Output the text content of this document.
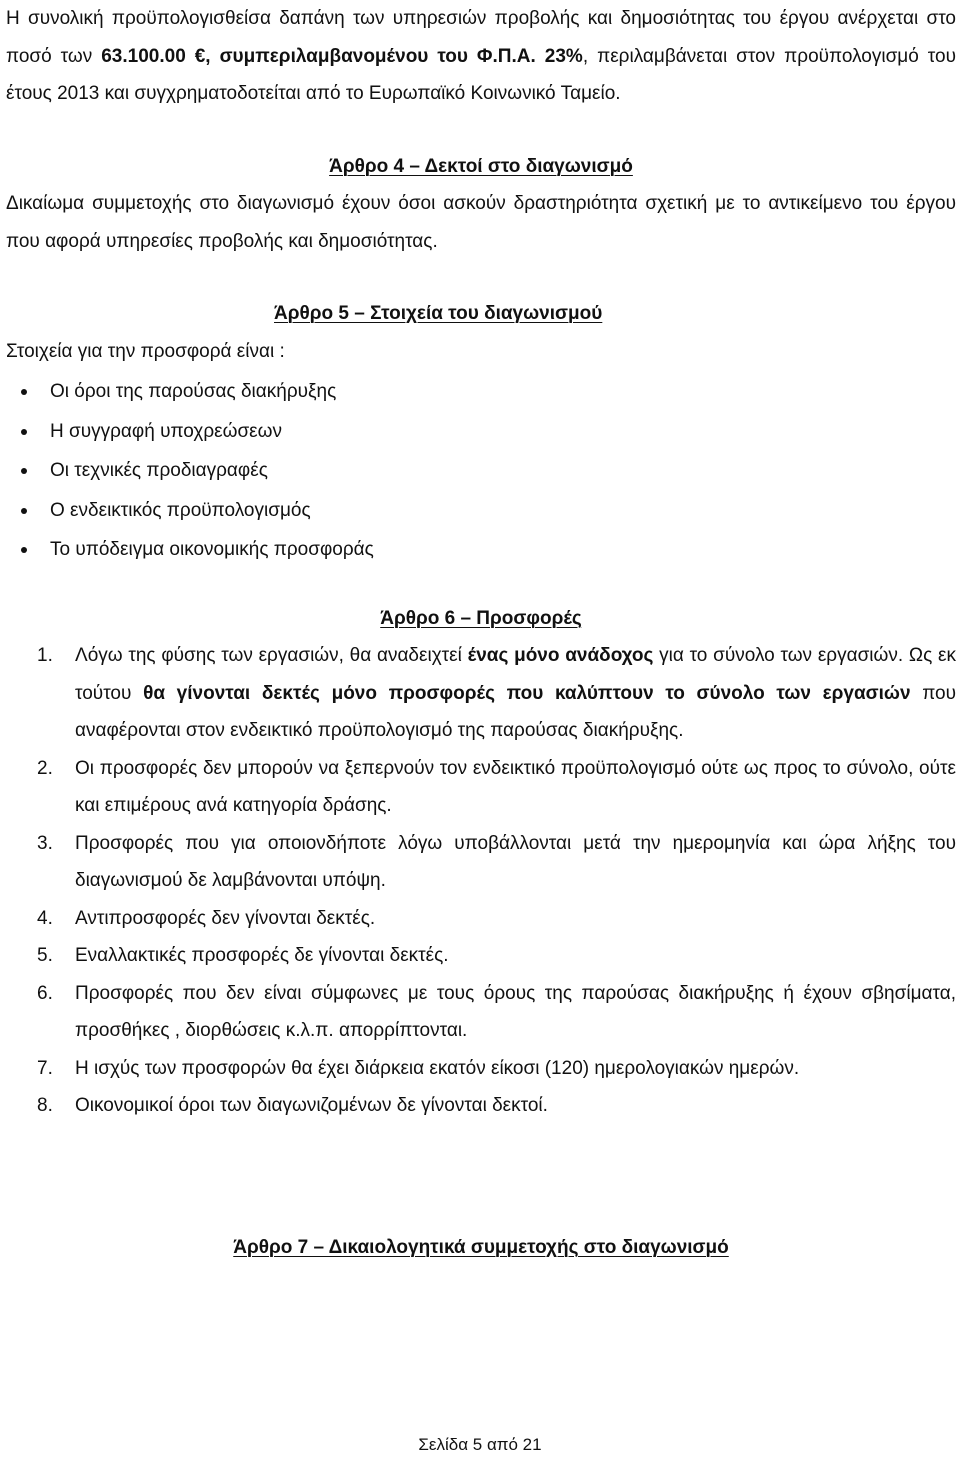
Η συνολική προϋπολογισθείσα δαπάνη των υπηρεσιών προβολής και δημοσιότητας του έργου ανέρχεται στο ποσό των 63.100.00 €, συμπεριλαμβανομένου του Φ.Π.Α. 23%, περιλαμβάνεται στον προϋπολογισμό του έτους 2013 και συγχρηματοδοτείται από το Ευρωπαϊκό Κοινωνικό Ταμείο.

Άρθρο 4 – Δεκτοί στο διαγωνισμό

Δικαίωμα συμμετοχής στο διαγωνισμό έχουν όσοι ασκούν δραστηριότητα σχετική με το αντικείμενο του έργου που αφορά υπηρεσίες προβολής και δημοσιότητας.

Άρθρο 5 – Στοιχεία του διαγωνισμού

Στοιχεία για την προσφορά είναι :

Οι όροι της παρούσας διακήρυξης
Η συγγραφή υποχρεώσεων
Οι τεχνικές προδιαγραφές
Ο ενδεικτικός προϋπολογισμός
Το υπόδειγμα οικονομικής προσφοράς

Άρθρο 6 – Προσφορές

1. Λόγω της φύσης των εργασιών, θα αναδειχτεί ένας μόνο ανάδοχος για το σύνολο των εργασιών. Ως εκ τούτου θα γίνονται δεκτές μόνο προσφορές που καλύπτουν το σύνολο των εργασιών που αναφέρονται στον ενδεικτικό προϋπολογισμό της παρούσας διακήρυξης.
2. Οι προσφορές δεν μπορούν να ξεπερνούν τον ενδεικτικό προϋπολογισμό ούτε ως προς το σύνολο, ούτε και επιμέρους ανά κατηγορία δράσης.
3. Προσφορές που για οποιονδήποτε λόγω υποβάλλονται μετά την ημερομηνία και ώρα λήξης του διαγωνισμού δε λαμβάνονται υπόψη.
4. Αντιπροσφορές δεν γίνονται δεκτές.
5. Εναλλακτικές προσφορές δε γίνονται δεκτές.
6. Προσφορές που δεν είναι σύμφωνες με τους όρους της παρούσας διακήρυξης ή έχουν σβησίματα, προσθήκες , διορθώσεις κ.λ.π. απορρίπτονται.
7. Η ισχύς των προσφορών θα έχει διάρκεια εκατόν είκοσι (120) ημερολογιακών ημερών.
8. Οικονομικοί όροι των διαγωνιζομένων δε γίνονται δεκτοί.

Άρθρο 7 – Δικαιολογητικά συμμετοχής στο διαγωνισμό

Σελίδα 5 από 21
